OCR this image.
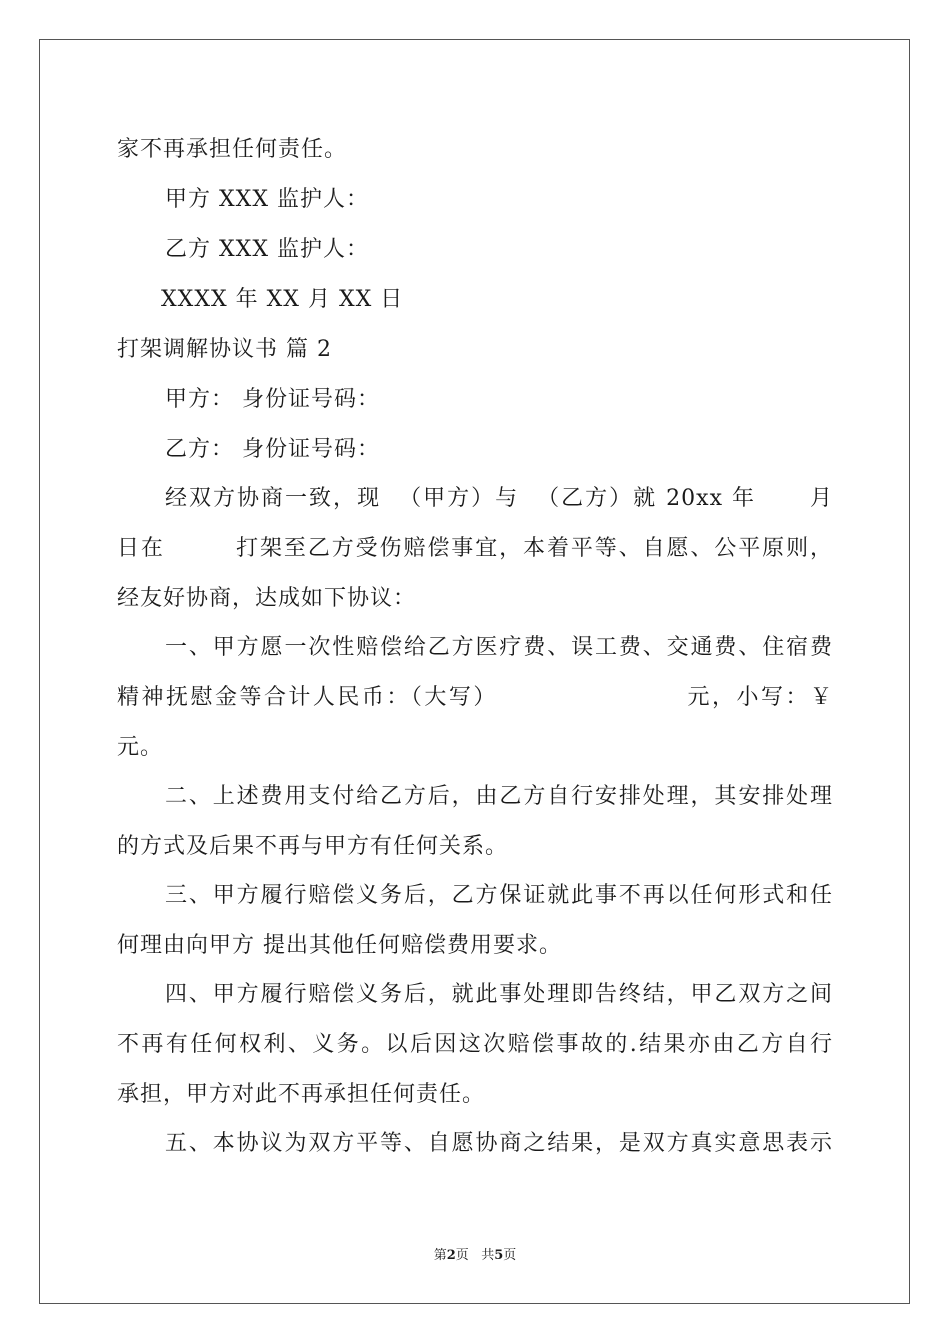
家不再承担任何责任。
甲方 XXX 监护人：
乙方 XXX 监护人：
XXXX 年 XX 月 XX 日
打架调解协议书 篇 2
甲方： 身份证号码：
乙方： 身份证号码：
经双方协商一致，现  （甲方）与  （乙方）就 20xx 年      月
日在        打架至乙方受伤赔偿事宜，本着平等、自愿、公平原则，
经友好协商，达成如下协议：
一、甲方愿一次性赔偿给乙方医疗费、误工费、交通费、住宿费
精神抚慰金等合计人民币：（大写）                    元，小写：￥
元。
二、上述费用支付给乙方后，由乙方自行安排处理，其安排处理
的方式及后果不再与甲方有任何关系。
三、甲方履行赔偿义务后，乙方保证就此事不再以任何形式和任
何理由向甲方 提出其他任何赔偿费用要求。
四、甲方履行赔偿义务后，就此事处理即告终结，甲乙双方之间
不再有任何权利、义务。以后因这次赔偿事故的.结果亦由乙方自行
承担，甲方对此不再承担任何责任。
五、本协议为双方平等、自愿协商之结果，是双方真实意思表示
第2页   共5页
